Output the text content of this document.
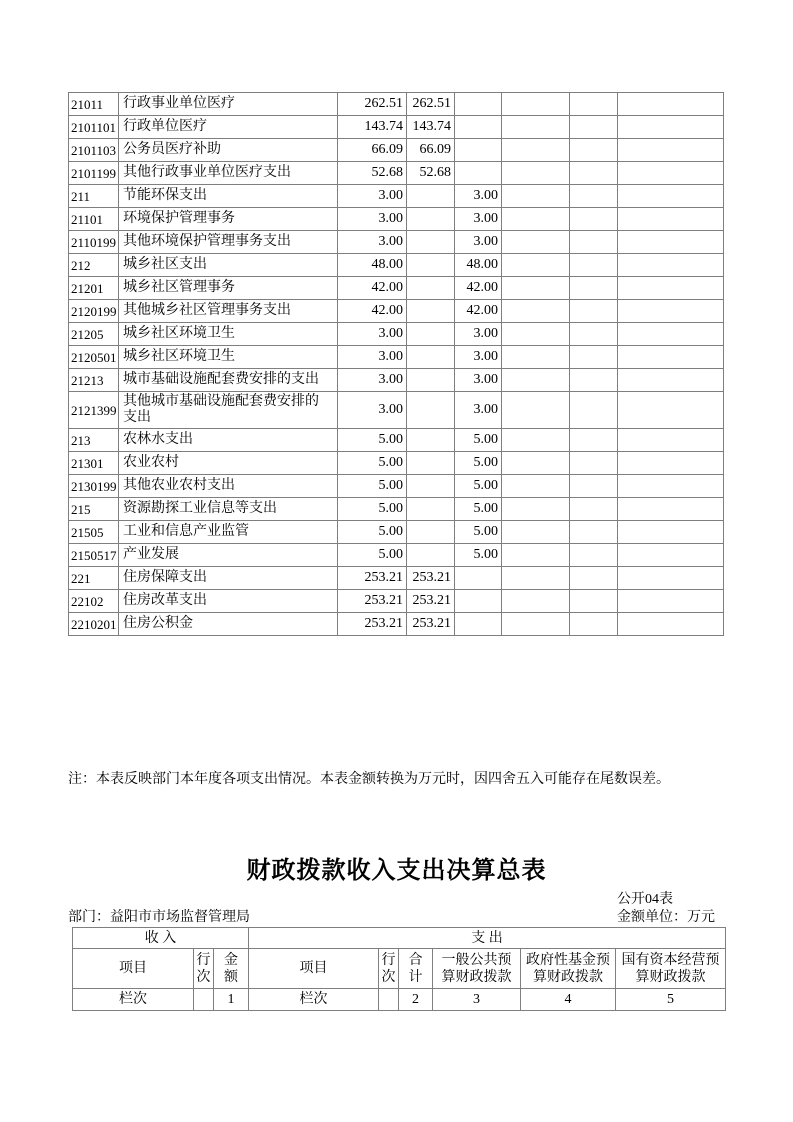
21011	行政事业单位医疗	262.51	262.51				
2101101	行政单位医疗	143.74	143.74				
2101103	公务员医疗补助	66.09	66.09				
2101199	其他行政事业单位医疗支出	52.68	52.68				
211	节能环保支出	3.00		3.00			
21101	环境保护管理事务	3.00		3.00			
2110199	其他环境保护管理事务支出	3.00		3.00			
212	城乡社区支出	48.00		48.00			
21201	城乡社区管理事务	42.00		42.00			
2120199	其他城乡社区管理事务支出	42.00		42.00			
21205	城乡社区环境卫生	3.00		3.00			
2120501	城乡社区环境卫生	3.00		3.00			
21213	城市基础设施配套费安排的支出	3.00		3.00			
2121399	其他城市基础设施配套费安排的支出	3.00		3.00			
213	农林水支出	5.00		5.00			
21301	农业农村	5.00		5.00			
2130199	其他农业农村支出	5.00		5.00			
215	资源勘探工业信息等支出	5.00		5.00			
21505	工业和信息产业监管	5.00		5.00			
2150517	产业发展	5.00		5.00			
221	住房保障支出	253.21	253.21				
22102	住房改革支出	253.21	253.21				
2210201	住房公积金	253.21	253.21				
注：本表反映部门本年度各项支出情况。本表金额转换为万元时，因四舍五入可能存在尾数误差。
财政拨款收入支出决算总表
公开04表
部门：益阳市市场监督管理局	金额单位：万元
收 入			支 出					
项目	行次	金额	项目	行次	合计	一般公共预算财政拨款	政府性基金预算财政拨款	国有资本经营预算财政拨款
栏次		1	栏次		2	3	4	5
